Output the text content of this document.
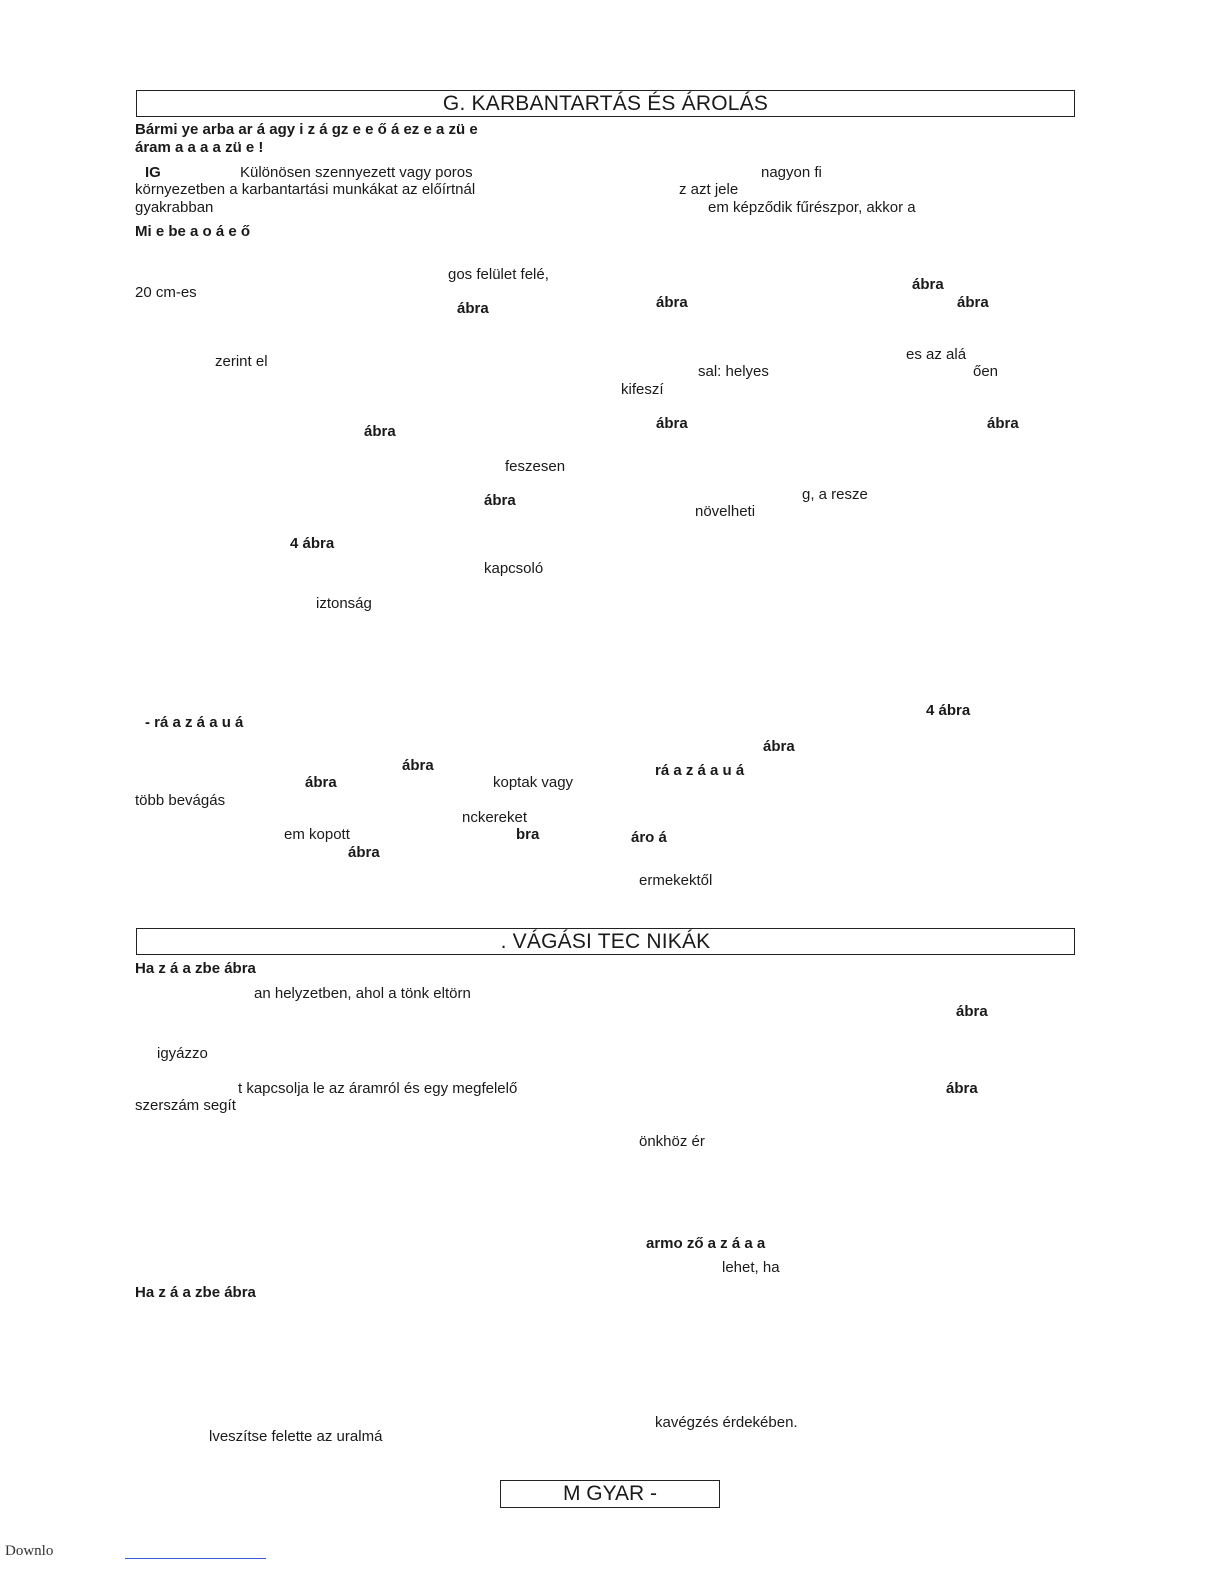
G. KARBANTARTÁS ÉS ÁROLÁS
Bármi ye arba ar á agy i z á gz e e ő á ez e a zü e
áram a a a a zü e !
IG	Különösen szennyezett vagy poros
környezetben a karbantartási munkákat az előírtnál
gyakrabban
nagyon fi
z azt jele
em képződik fűrészpor, akkor a
Mi e be a o á e ő
gos felület felé,
20 cm-es	ábra
ábra	ábra
ábra
zerint el	es az alá
sal: helyes	ően
kifeszí
ábra	ábra	ábra
feszesen
ábra	g, a resze
növelheti
4 ábra
kapcsoló
iztonság
4 ábra
- rá a z á a u á
ábra
ábra
ábra	koptak vagy
rá a z á a u á
több bevágás
nckereket
em kopott	bra	áro á
ábra
ermekektől
. VÁGÁSI TEC NIKÁK
Ha z á a zbe ábra
an helyzetben, ahol a tönk eltörn
ábra
igyázzo
t kapcsolja le az áramról és egy megfelelő	ábra
szerszám segít
önkhöz ér
armo ző a z á a a
lehet, ha
Ha z á a zbe ábra
kavégzés érdekében.
lveszítse felette az uralmá
M GYAR -
Downlo
